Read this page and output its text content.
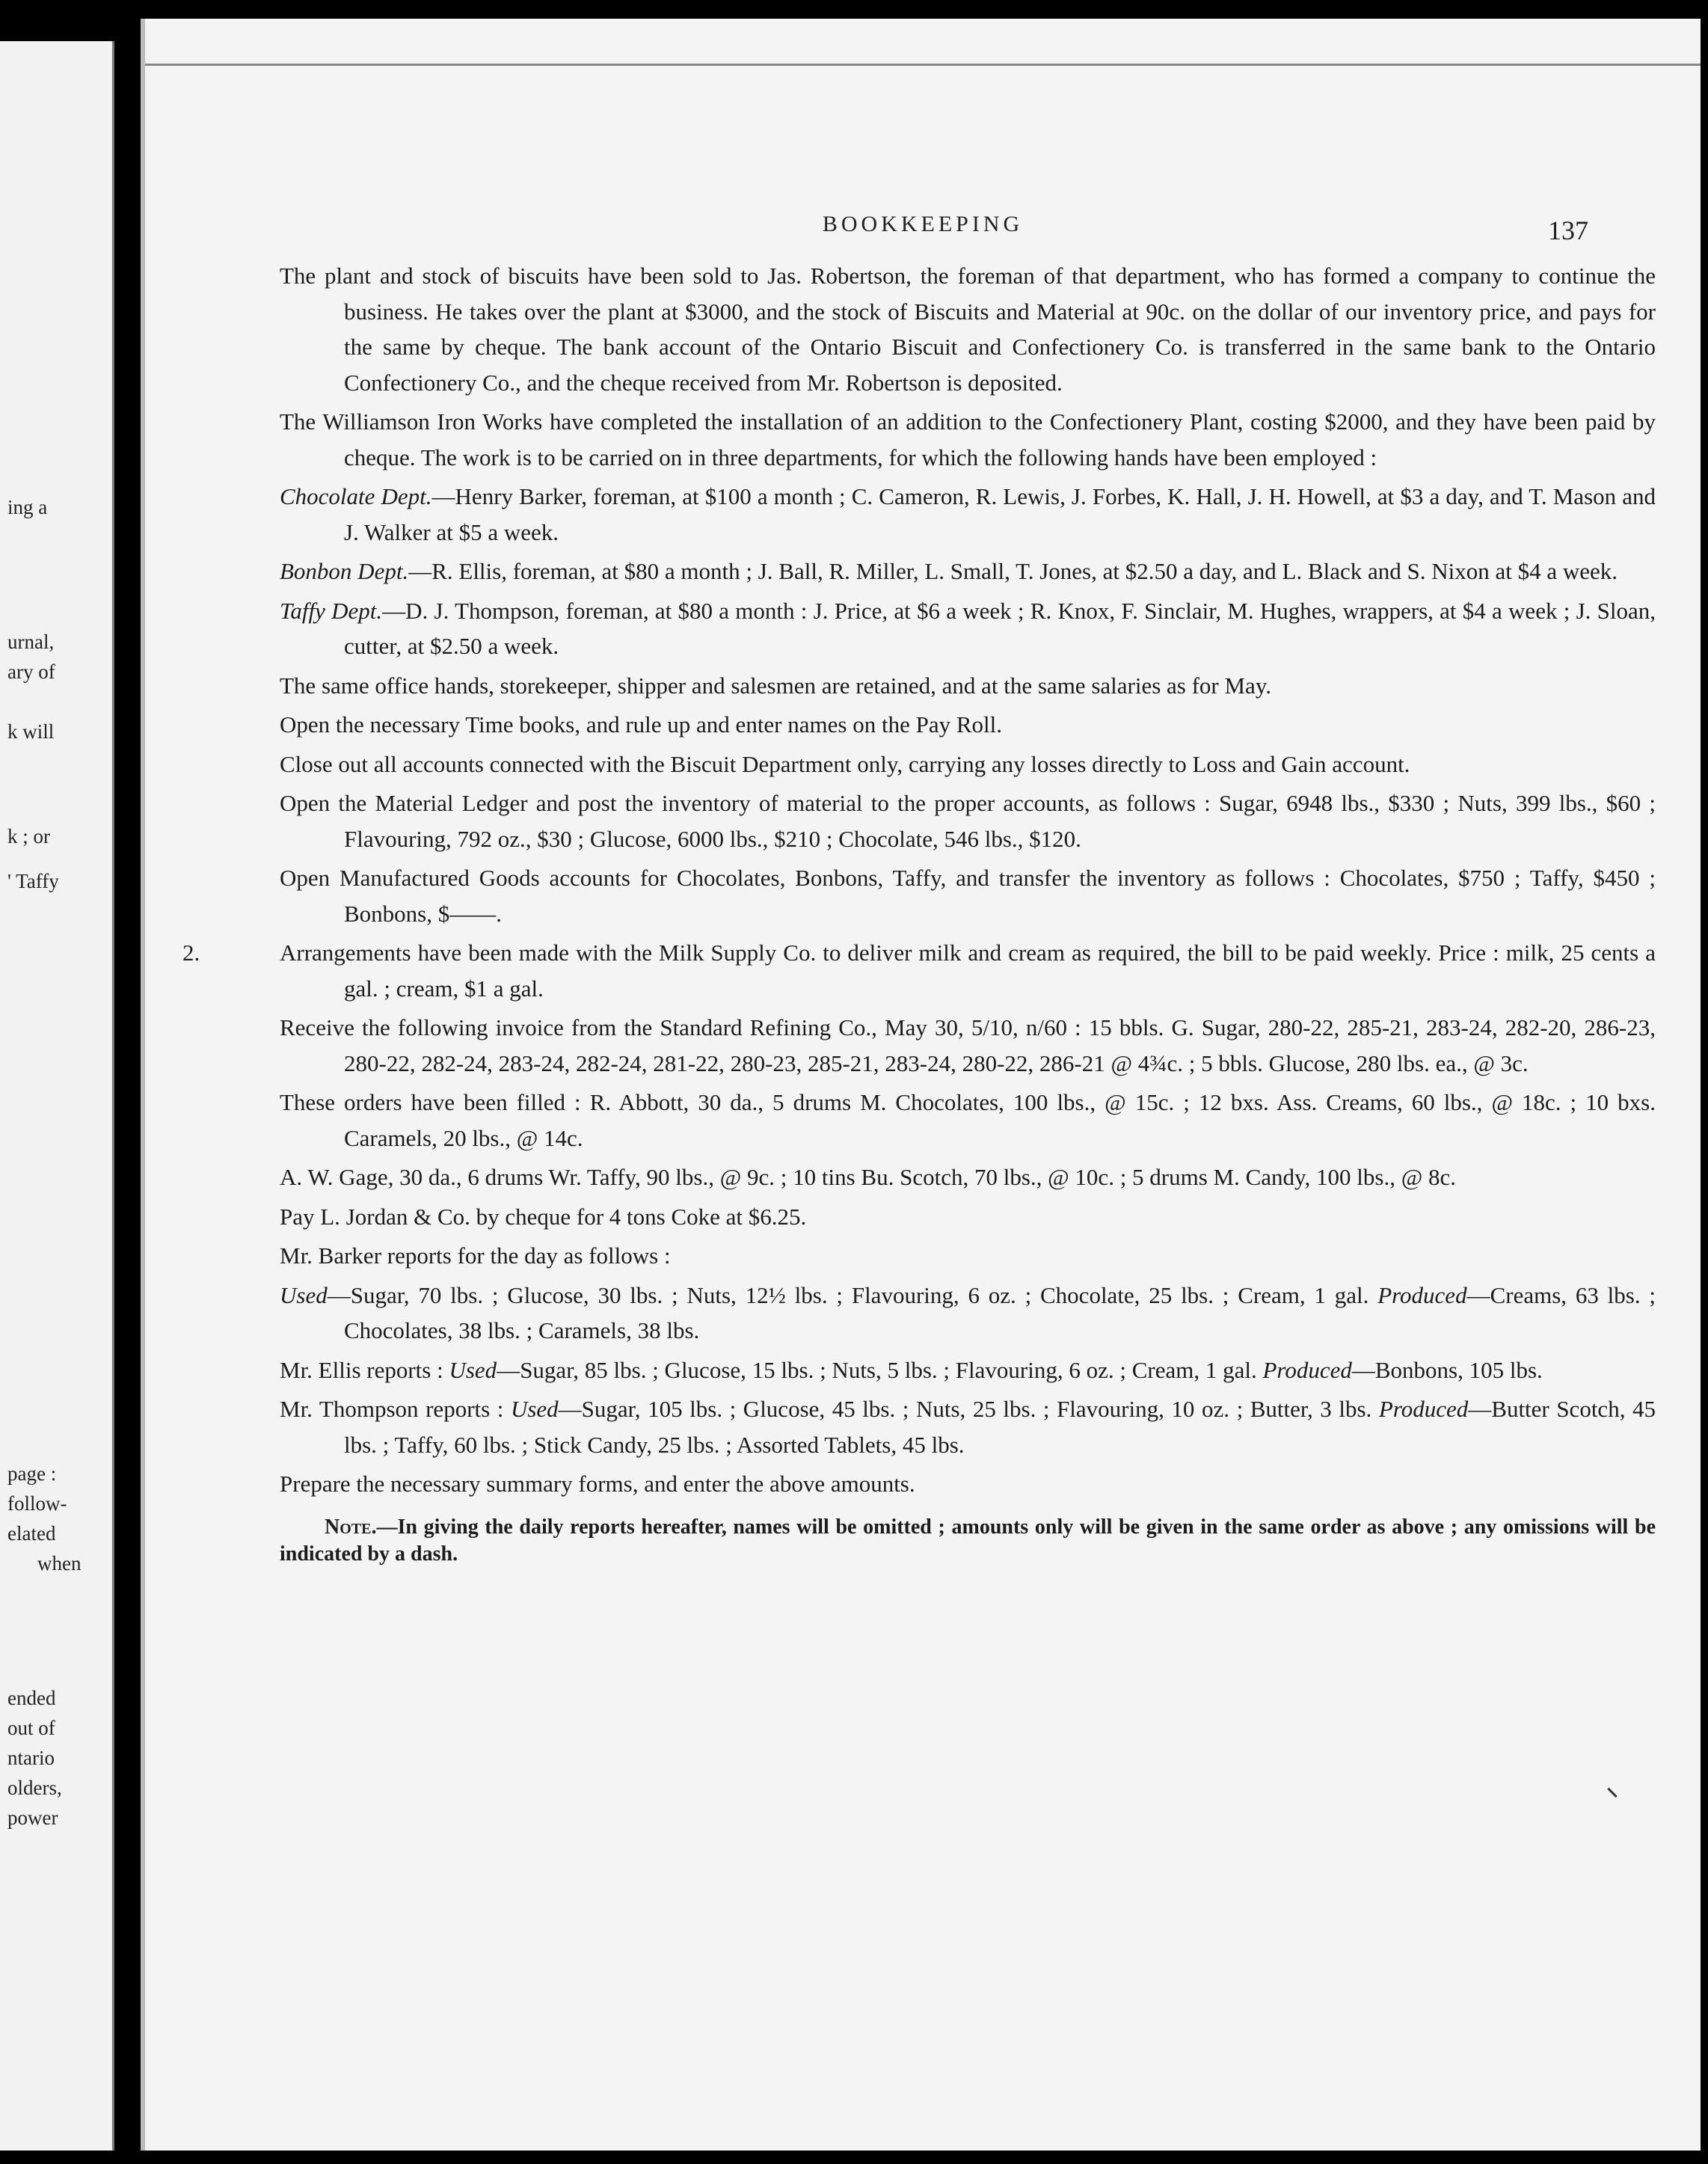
ing a
urnal,
ary of
k will
k ; or
' Taffy
page :
follow-
elated
when
ended
out of
ntario
olders,
power
BOOKKEEPING	137

The plant and stock of biscuits have been sold to Jas. Robertson, the foreman of that department, who has formed a company to continue the business. He takes over the plant at $3000, and the stock of Biscuits and Material at 90c. on the dollar of our inventory price, and pays for the same by cheque. The bank account of the Ontario Biscuit and Confectionery Co. is transferred in the same bank to the Ontario Confectionery Co., and the cheque received from Mr. Robertson is deposited.

The Williamson Iron Works have completed the installation of an addition to the Confectionery Plant, costing $2000, and they have been paid by cheque. The work is to be carried on in three departments, for which the following hands have been employed :

Chocolate Dept.—Henry Barker, foreman, at $100 a month ; C. Cameron, R. Lewis, J. Forbes, K. Hall, J. H. Howell, at $3 a day, and T. Mason and J. Walker at $5 a week.

Bonbon Dept.—R. Ellis, foreman, at $80 a month ; J. Ball, R. Miller, L. Small, T. Jones, at $2.50 a day, and L. Black and S. Nixon at $4 a week.

Taffy Dept.—D. J. Thompson, foreman, at $80 a month : J. Price, at $6 a week ; R. Knox, F. Sinclair, M. Hughes, wrappers, at $4 a week ; J. Sloan, cutter, at $2.50 a week.

The same office hands, storekeeper, shipper and salesmen are retained, and at the same salaries as for May.

Open the necessary Time books, and rule up and enter names on the Pay Roll.

Close out all accounts connected with the Biscuit Department only, carrying any losses directly to Loss and Gain account.

Open the Material Ledger and post the inventory of material to the proper accounts, as follows : Sugar, 6948 lbs., $330 ; Nuts, 399 lbs., $60 ; Flavouring, 792 oz., $30 ; Glucose, 6000 lbs., $210 ; Chocolate, 546 lbs., $120.

Open Manufactured Goods accounts for Chocolates, Bonbons, Taffy, and transfer the inventory as follows : Chocolates, $750 ; Taffy, $450 ; Bonbons, $——.

2.	Arrangements have been made with the Milk Supply Co. to deliver milk and cream as required, the bill to be paid weekly. Price : milk, 25 cents a gal. ; cream, $1 a gal.

Receive the following invoice from the Standard Refining Co., May 30, 5/10, n/60 : 15 bbls. G. Sugar, 280-22, 285-21, 283-24, 282-20, 286-23, 280-22, 282-24, 283-24, 282-24, 281-22, 280-23, 285-21, 283-24, 280-22, 286-21 @ 4¾c. ; 5 bbls. Glucose, 280 lbs. ea., @ 3c.

These orders have been filled : R. Abbott, 30 da., 5 drums M. Chocolates, 100 lbs., @ 15c. ; 12 bxs. Ass. Creams, 60 lbs., @ 18c. ; 10 bxs. Caramels, 20 lbs., @ 14c.

A. W. Gage, 30 da., 6 drums Wr. Taffy, 90 lbs., @ 9c. ; 10 tins Bu. Scotch, 70 lbs., @ 10c. ; 5 drums M. Candy, 100 lbs., @ 8c.

Pay L. Jordan & Co. by cheque for 4 tons Coke at $6.25.

Mr. Barker reports for the day as follows :

Used—Sugar, 70 lbs. ; Glucose, 30 lbs. ; Nuts, 12½ lbs. ; Flavouring, 6 oz. ; Chocolate, 25 lbs. ; Cream, 1 gal. Produced—Creams, 63 lbs. ; Chocolates, 38 lbs. ; Caramels, 38 lbs.

Mr. Ellis reports : Used—Sugar, 85 lbs. ; Glucose, 15 lbs. ; Nuts, 5 lbs. ; Flavouring, 6 oz. ; Cream, 1 gal. Produced—Bonbons, 105 lbs.

Mr. Thompson reports : Used—Sugar, 105 lbs. ; Glucose, 45 lbs. ; Nuts, 25 lbs. ; Flavouring, 10 oz. ; Butter, 3 lbs. Produced—Butter Scotch, 45 lbs. ; Taffy, 60 lbs. ; Stick Candy, 25 lbs. ; Assorted Tablets, 45 lbs.

Prepare the necessary summary forms, and enter the above amounts.

Note.—In giving the daily reports hereafter, names will be omitted ; amounts only will be given in the same order as above ; any omissions will be indicated by a dash.
